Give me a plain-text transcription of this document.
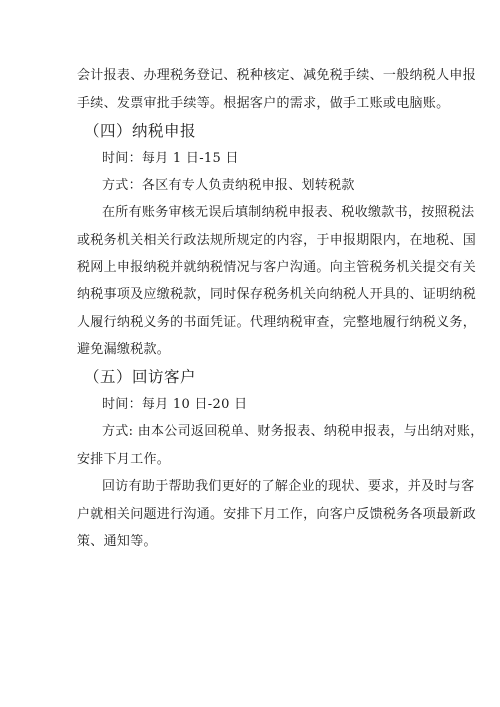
会计报表、办理税务登记、税种核定、减免税手续、一般纳税人申报
手续、发票审批手续等。根据客户的需求，做手工账或电脑账。
（四）纳税申报
时间：每月 1 日-15 日
方式：各区有专人负责纳税申报、划转税款
在所有账务审核无误后填制纳税申报表、税收缴款书，按照税法
或税务机关相关行政法规所规定的内容，于申报期限内，在地税、国
税网上申报纳税并就纳税情况与客户沟通。向主管税务机关提交有关
纳税事项及应缴税款，同时保存税务机关向纳税人开具的、证明纳税
人履行纳税义务的书面凭证。代理纳税审查，完整地履行纳税义务，
避免漏缴税款。
（五）回访客户
时间：每月 10 日-20 日
方式: 由本公司返回税单、财务报表、纳税申报表，与出纳对账，
安排下月工作。
回访有助于帮助我们更好的了解企业的现状、要求，并及时与客
户就相关问题进行沟通。安排下月工作，向客户反馈税务各项最新政
策、通知等。
